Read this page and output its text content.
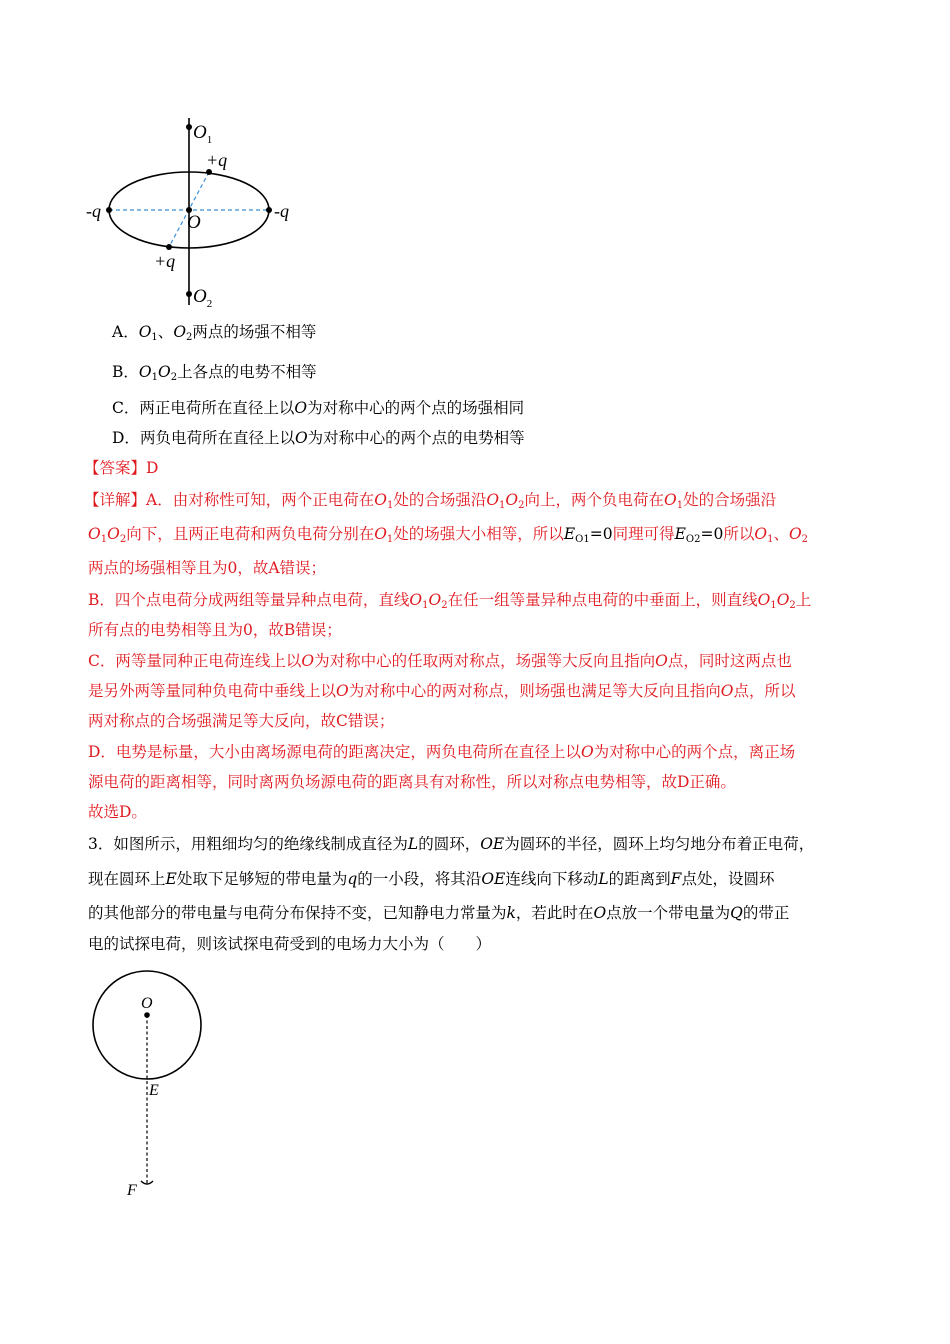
$O_1$
$O_2$
O
+q
+q
-q	-q
A．$O_1$、$O_2$两点的场强不相等
B．$O_1O_2$上各点的电势不相等
C．两正电荷所在直径上以O为对称中心的两个点的场强相同
D．两负电荷所在直径上以O为对称中心的两个点的电势相等
【答案】D
【详解】A．由对称性可知，两个正电荷在$O_1$处的合场强沿$O_1O_2$向上，两个负电荷在$O_1$处的合场强沿
$O_1O_2$向下，且两正电荷和两负电荷分别在$O_1$处的场强大小相等，所以$E_{O1}=0$同理可得$E_{O2}=0$所以$O_1$、$O_2$
两点的场强相等且为0，故A错误；
B．四个点电荷分成两组等量异种点电荷，直线$O_1O_2$在任一组等量异种点电荷的中垂面上，则直线$O_1O_2$上
所有点的电势相等且为0，故B错误；
C．两等量同种正电荷连线上以O为对称中心的任取两对称点，场强等大反向且指向O点，同时这两点也
是另外两等量同种负电荷中垂线上以O为对称中心的两对称点，则场强也满足等大反向且指向O点，所以
两对称点的合场强满足等大反向，故C错误；
D．电势是标量，大小由离场源电荷的距离决定，两负电荷所在直径上以O为对称中心的两个点，离正场
源电荷的距离相等，同时离两负场源电荷的距离具有对称性，所以对称点电势相等，故D正确。
故选D。
3．如图所示，用粗细均匀的绝缘线制成直径为L的圆环，OE为圆环的半径，圆环上均匀地分布着正电荷，
现在圆环上E处取下足够短的带电量为q的一小段，将其沿OE连线向下移动L的距离到F点处，设圆环
的其他部分的带电量与电荷分布保持不变，已知静电力常量为k，若此时在O点放一个带电量为Q的带正
电的试探电荷，则该试探电荷受到的电场力大小为（　　）
O
E
F
